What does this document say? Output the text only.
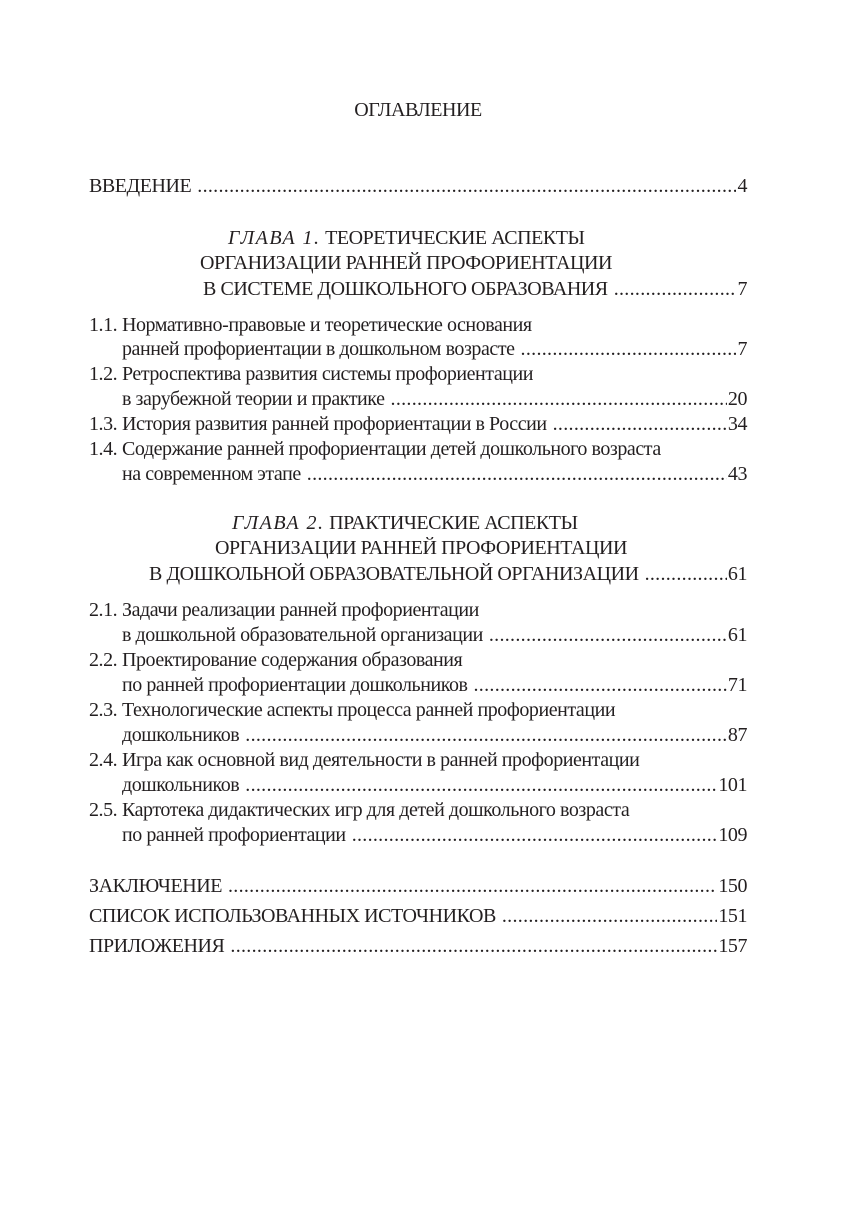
ОГЛАВЛЕНИЕ
ВВЕДЕНИЕ .....	4
ГЛАВА 1. ТЕОРЕТИЧЕСКИЕ АСПЕКТЫ
ОРГАНИЗАЦИИ РАННЕЙ ПРОФОРИЕНТАЦИИ
В СИСТЕМЕ ДОШКОЛЬНОГО ОБРАЗОВАНИЯ .....	7
1.1. Нормативно-правовые и теоретические основания
ранней профориентации в дошкольном возрасте .....	7
1.2. Ретроспектива развития системы профориентации
в зарубежной теории и практике .....	20
1.3. История развития ранней профориентации в России .....	34
1.4. Содержание ранней профориентации детей дошкольного возраста
на современном этапе .....	43
ГЛАВА 2. ПРАКТИЧЕСКИЕ АСПЕКТЫ
ОРГАНИЗАЦИИ РАННЕЙ ПРОФОРИЕНТАЦИИ
В ДОШКОЛЬНОЙ ОБРАЗОВАТЕЛЬНОЙ ОРГАНИЗАЦИИ .....	61
2.1. Задачи реализации ранней профориентации
в дошкольной образовательной организации .....	61
2.2. Проектирование содержания образования
по ранней профориентации дошкольников .....	71
2.3. Технологические аспекты процесса ранней профориентации
дошкольников .....	87
2.4. Игра как основной вид деятельности в ранней профориентации
дошкольников .....	101
2.5. Картотека дидактических игр для детей дошкольного возраста
по ранней профориентации .....	109
ЗАКЛЮЧЕНИЕ .....	150
СПИСОК ИСПОЛЬЗОВАННЫХ ИСТОЧНИКОВ .....	151
ПРИЛОЖЕНИЯ .....	157
